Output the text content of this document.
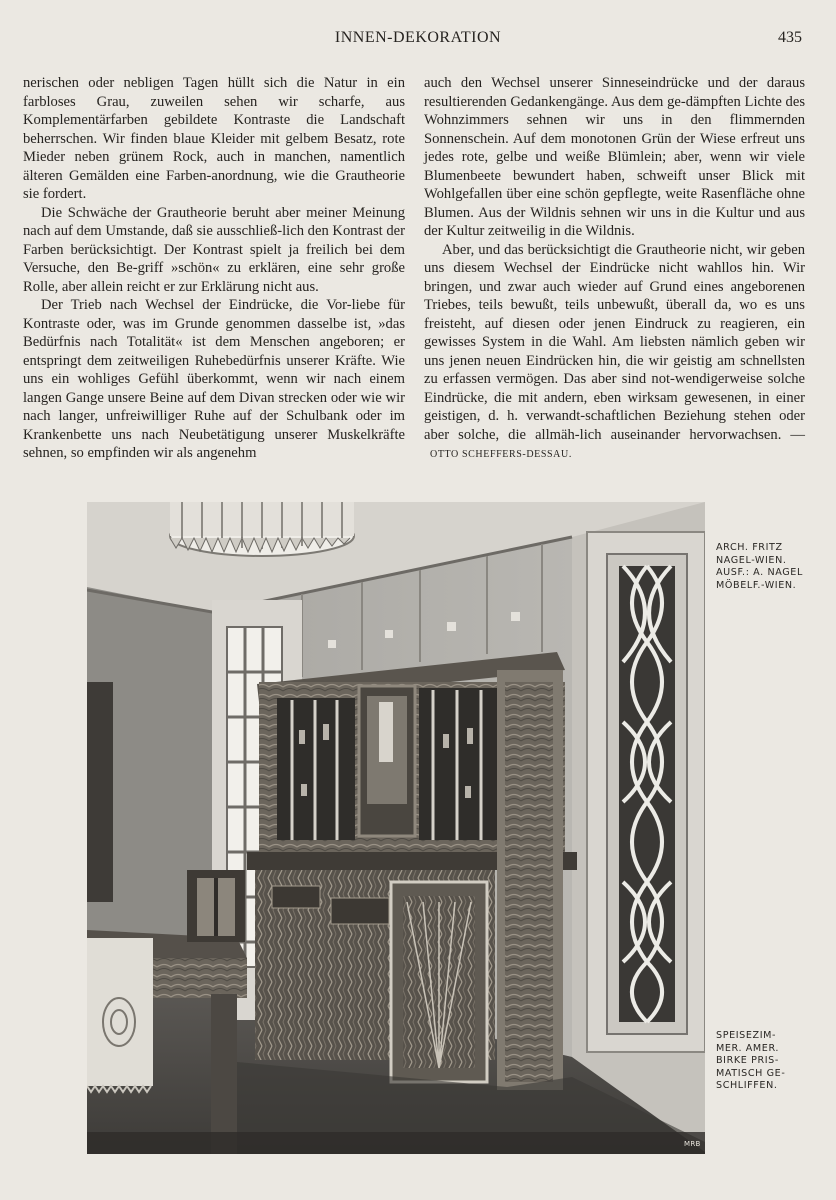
INNEN-DEKORATION	435

nerischen oder nebligen Tagen hüllt sich die Natur in ein farbloses Grau, zuweilen sehen wir scharfe, aus Komplementärfarben gebildete Kontraste die Landschaft beherrschen. Wir finden blaue Kleider mit gelbem Besatz, rote Mieder neben grünem Rock, auch in manchen, namentlich älteren Gemälden eine Farben-anordnung, wie die Grautheorie sie fordert.

Die Schwäche der Grautheorie beruht aber meiner Meinung nach auf dem Umstande, daß sie ausschließ-lich den Kontrast der Farben berücksichtigt. Der Kontrast spielt ja freilich bei dem Versuche, den Be-griff »schön« zu erklären, eine sehr große Rolle, aber allein reicht er zur Erklärung nicht aus.

Der Trieb nach Wechsel der Eindrücke, die Vor-liebe für Kontraste oder, was im Grunde genommen dasselbe ist, »das Bedürfnis nach Totalität« ist dem Menschen angeboren; er entspringt dem zeitweiligen Ruhebedürfnis unserer Kräfte. Wie uns ein wohliges Gefühl überkommt, wenn wir nach einem langen Gange unsere Beine auf dem Divan strecken oder wie wir nach langer, unfreiwilliger Ruhe auf der Schulbank oder im Krankenbette uns nach Neubetätigung unserer Muskelkräfte sehnen, so empfinden wir als angenehm

auch den Wechsel unserer Sinneseindrücke und der daraus resultierenden Gedankengänge. Aus dem ge-dämpften Lichte des Wohnzimmers sehnen wir uns in den flimmernden Sonnenschein. Auf dem monotonen Grün der Wiese erfreut uns jedes rote, gelbe und weiße Blümlein; aber, wenn wir viele Blumenbeete bewundert haben, schweift unser Blick mit Wohlgefallen über eine schön gepflegte, weite Rasenfläche ohne Blumen. Aus der Wildnis sehnen wir uns in die Kultur und aus der Kultur zeitweilig in die Wildnis.

Aber, und das berücksichtigt die Grautheorie nicht, wir geben uns diesem Wechsel der Eindrücke nicht wahllos hin. Wir bringen, und zwar auch wieder auf Grund eines angeborenen Triebes, teils bewußt, teils unbewußt, überall da, wo es uns freisteht, auf diesen oder jenen Eindruck zu reagieren, ein gewisses System in die Wahl. Am liebsten nämlich geben wir uns jenen neuen Eindrücken hin, die wir geistig am schnellsten zu erfassen vermögen. Das aber sind not-wendigerweise solche Eindrücke, die mit andern, eben wirksam gewesenen, in einer geistigen, d. h. verwandt-schaftlichen Beziehung stehen oder aber solche, die allmäh-lich auseinander hervorwachsen. —OTTO SCHEFFERS-DESSAU.

ARCH. FRITZ
NAGEL-WIEN.
AUSF.: A. NAGEL
MÖBELF.-WIEN.
SPEISEZIM-
MER. AMER.
BIRKE PRIS-
MATISCH GE-
SCHLIFFEN.
MRB
